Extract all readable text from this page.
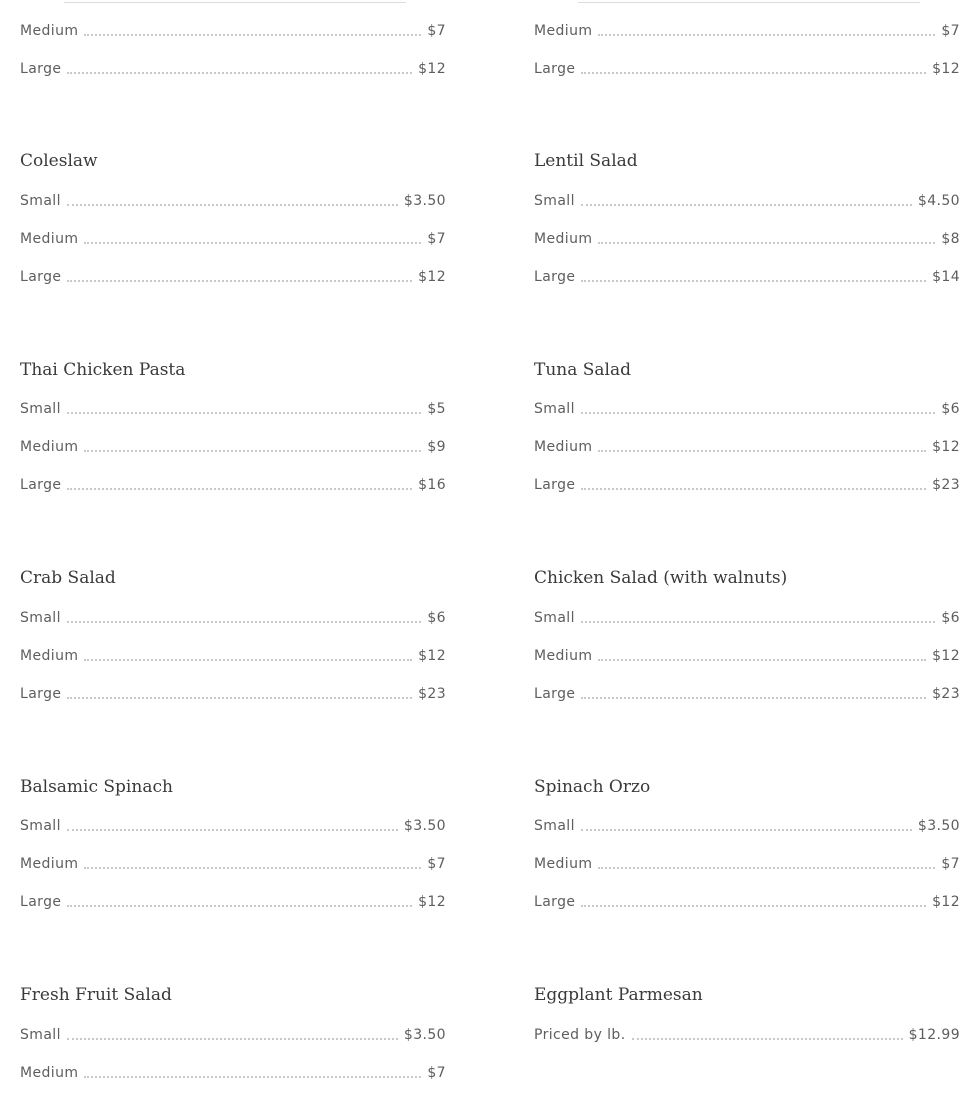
Medium	$7
Large	$12
Coleslaw
Small	$3.50
Medium	$7
Large	$12
Thai Chicken Pasta
Small	$5
Medium	$9
Large	$16
Crab Salad
Small	$6
Medium	$12
Large	$23
Balsamic Spinach
Small	$3.50
Medium	$7
Large	$12
Fresh Fruit Salad
Small	$3.50
Medium	$7
Medium	$7
Large	$12
Lentil Salad
Small	$4.50
Medium	$8
Large	$14
Tuna Salad
Small	$6
Medium	$12
Large	$23
Chicken Salad (with walnuts)
Small	$6
Medium	$12
Large	$23
Spinach Orzo
Small	$3.50
Medium	$7
Large	$12
Eggplant Parmesan
Priced by lb.	$12.99
